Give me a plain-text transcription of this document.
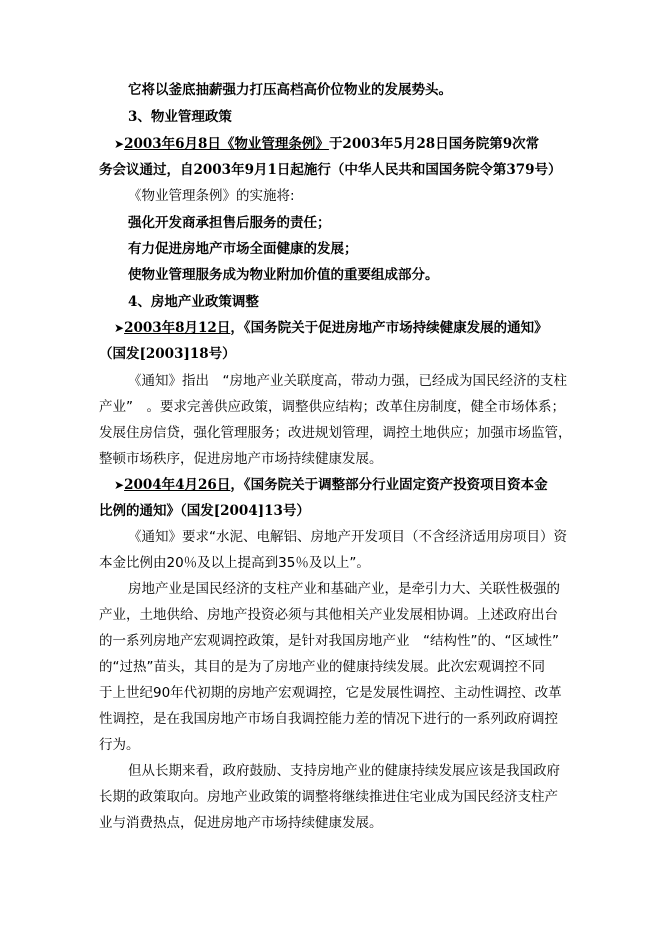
它将以釜底抽薪强力打压高档高价位物业的发展势头。
3、物业管理政策
➤2003年6月8日《物业管理条例》于2003年5月28日国务院第9次常
务会议通过，自2003年9月1日起施行（中华人民共和国国务院令第379号）
《物业管理条例》的实施将:
强化开发商承担售后服务的责任；
有力促进房地产市场全面健康的发展；
使物业管理服务成为物业附加价值的重要组成部分。
4、房地产业政策调整
➤2003年8月12日，《国务院关于促进房地产市场持续健康发展的通知》
（国发[2003]18号）
《通知》指出　“房地产业关联度高，带动力强，已经成为国民经济的支柱
产业”　。要求完善供应政策，调整供应结构；改革住房制度，健全市场体系；
发展住房信贷，强化管理服务；改进规划管理，调控土地供应；加强市场监管，
整顿市场秩序，促进房地产市场持续健康发展。
➤2004年4月26日，《国务院关于调整部分行业固定资产投资项目资本金
比例的通知》（国发[2004]13号）
《通知》要求“水泥、电解铝、房地产开发项目（不含经济适用房项目）资
本金比例由20％及以上提高到35％及以上”。
房地产业是国民经济的支柱产业和基础产业，是牵引力大、关联性极强的
产业，土地供给、房地产投资必须与其他相关产业发展相协调。上述政府出台
的一系列房地产宏观调控政策，是针对我国房地产业　“结构性”的、“区域性”
的“过热”苗头，其目的是为了房地产业的健康持续发展。此次宏观调控不同
于上世纪90年代初期的房地产宏观调控，它是发展性调控、主动性调控、改革
性调控，是在我国房地产市场自我调控能力差的情况下进行的一系列政府调控
行为。
但从长期来看，政府鼓励、支持房地产业的健康持续发展应该是我国政府
长期的政策取向。房地产业政策的调整将继续推进住宅业成为国民经济支柱产
业与消费热点，促进房地产市场持续健康发展。
